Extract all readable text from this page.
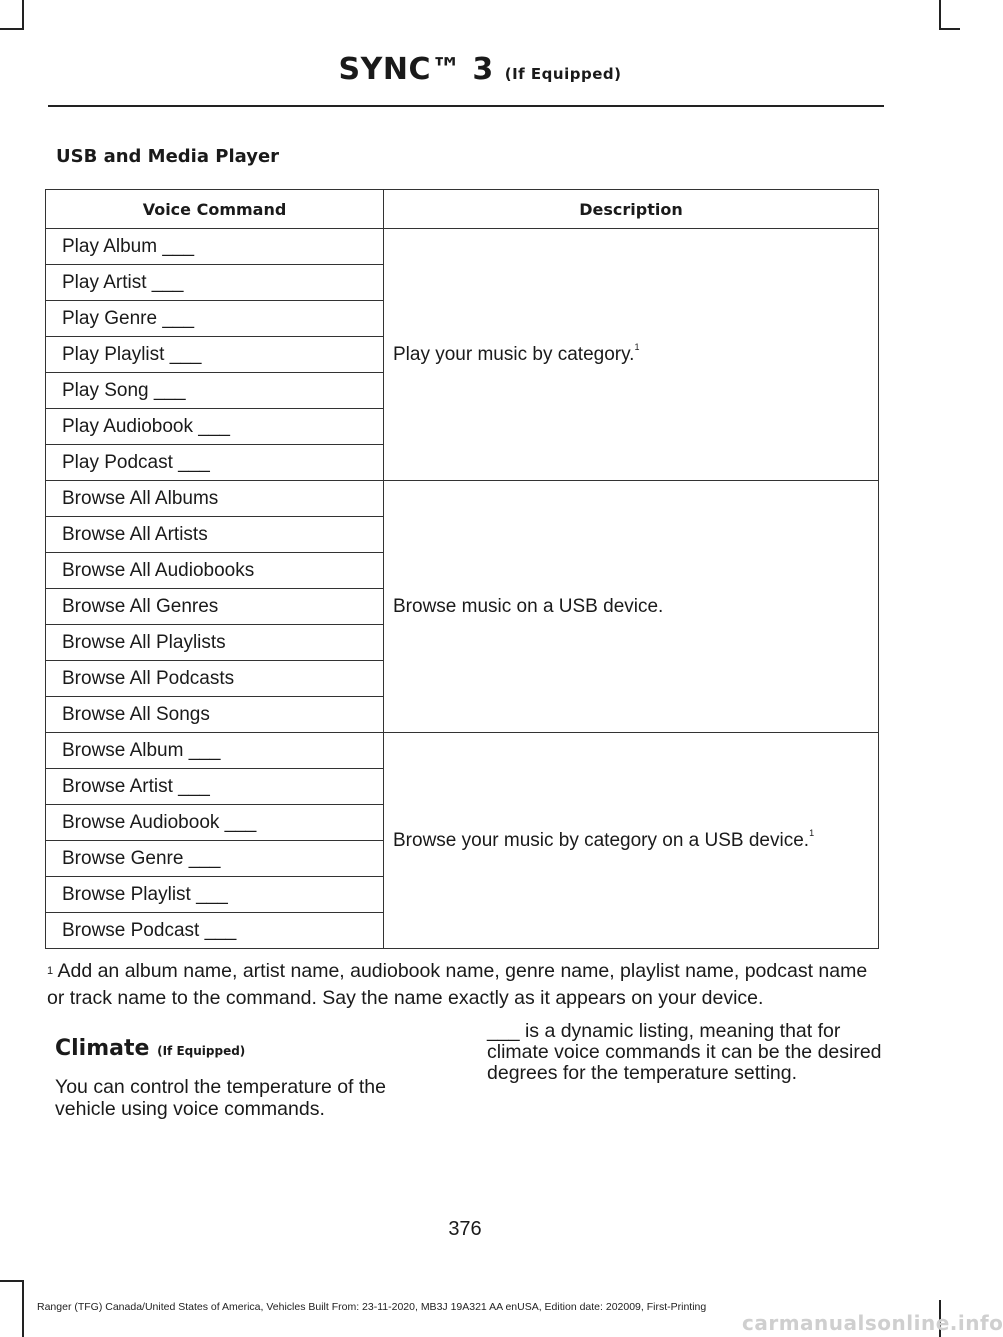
SYNC™ 3 (If Equipped)
USB and Media Player
Voice Command	Description
Play Album ___	Play your music by category.$^1$
Play Artist ___	
Play Genre ___	
Play Playlist ___	
Play Song ___	
Play Audiobook ___	
Play Podcast ___	
Browse All Albums	Browse music on a USB device.
Browse All Artists	
Browse All Audiobooks	
Browse All Genres	
Browse All Playlists	
Browse All Podcasts	
Browse All Songs	
Browse Album ___	Browse your music by category on a USB device.$^1$
Browse Artist ___	
Browse Audiobook ___	
Browse Genre ___	
Browse Playlist ___	
Browse Podcast ___	
$^1$ Add an album name, artist name, audiobook name, genre name, playlist name, podcast name or track name to the command. Say the name exactly as it appears on your device.
Climate (If Equipped)
You can control the temperature of the vehicle using voice commands.
___ is a dynamic listing, meaning that for climate voice commands it can be the desired degrees for the temperature setting.
376
Ranger (TFG) Canada/United States of America, Vehicles Built From: 23-11-2020, MB3J 19A321 AA enUSA, Edition date: 202009, First-Printing
carmanualsonline.info
